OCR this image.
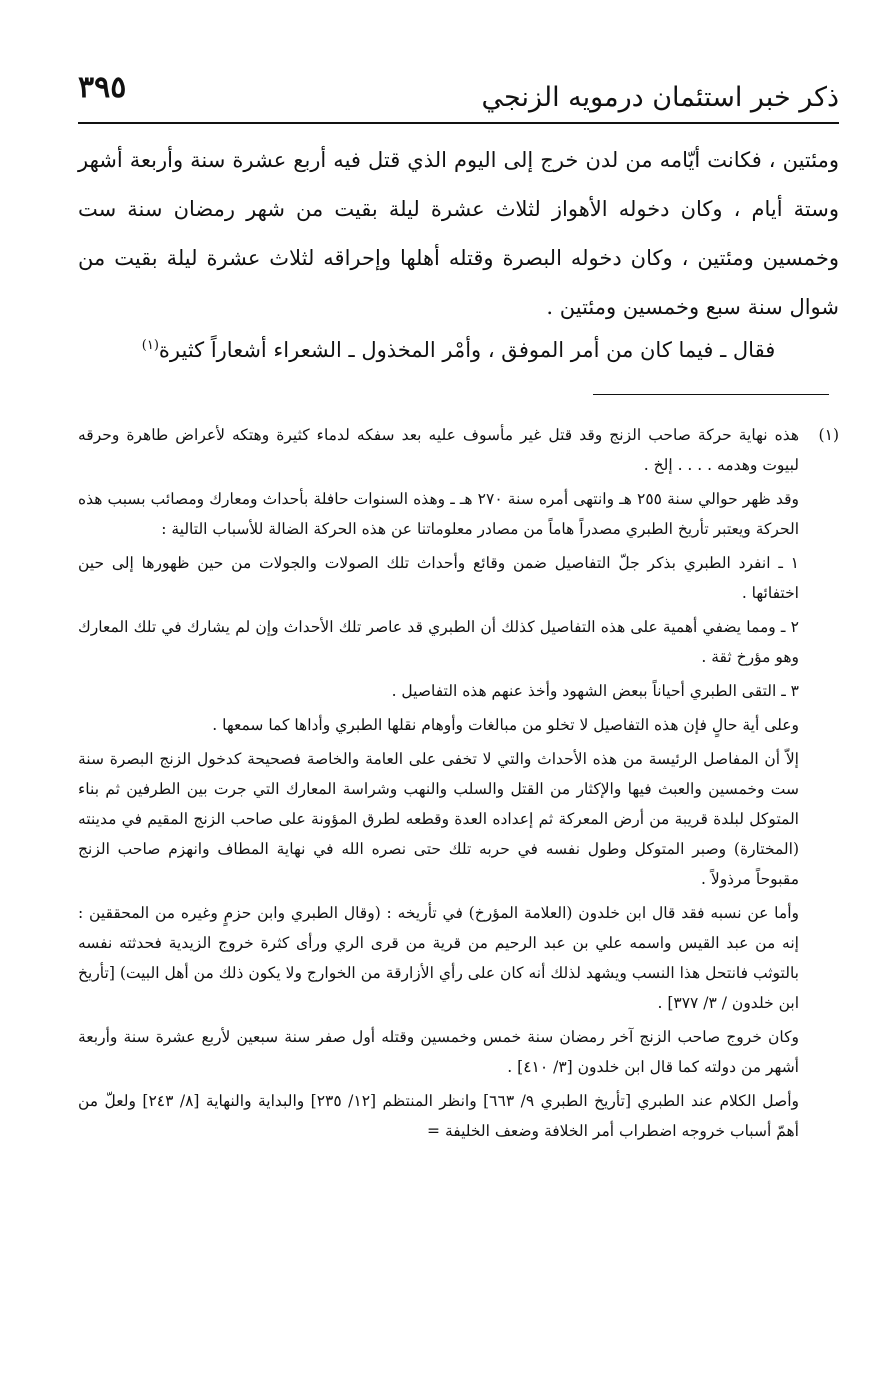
ذكر خبر استئمان درمويه الزنجي
٣٩٥

ومئتين ، فكانت أيّامه من لدن خرج إلى اليوم الذي قتل فيه أربع عشرة سنة وأربعة أشهر وستة أيام ، وكان دخوله الأهواز لثلاث عشرة ليلة بقيت من شهر رمضان سنة ست وخمسين ومئتين ، وكان دخوله البصرة وقتله أهلها وإحراقه لثلاث عشرة ليلة بقيت من شوال سنة سبع وخمسين ومئتين .

فقال ـ فيما كان من أمر الموفق ، وأمْر المخذول ـ الشعراء أشعاراً كثيرة$^{(١)}$
(١)

هذه نهاية حركة صاحب الزنج وقد قتل غير مأسوف عليه بعد سفكه لدماء كثيرة وهتكه لأعراض طاهرة وحرقه لبيوت وهدمه . . . . إلخ .

وقد ظهر حوالي سنة ٢٥٥ هـ وانتهى أمره سنة ٢٧٠ هـ ـ وهذه السنوات حافلة بأحداث ومعارك ومصائب بسبب هذه الحركة ويعتبر تأريخ الطبري مصدراً هاماً من مصادر معلوماتنا عن هذه الحركة الضالة للأسباب التالية :

١ ـ انفرد الطبري بذكر جلّ التفاصيل ضمن وقائع وأحداث تلك الصولات والجولات من حين ظهورها إلى حين اختفائها .

٢ ـ ومما يضفي أهمية على هذه التفاصيل كذلك أن الطبري قد عاصر تلك الأحداث وإن لم يشارك في تلك المعارك وهو مؤرخ ثقة .

٣ ـ التقى الطبري أحياناً ببعض الشهود وأخذ عنهم هذه التفاصيل .

وعلى أية حالٍ فإن هذه التفاصيل لا تخلو من مبالغات وأوهام نقلها الطبري وأداها كما سمعها .

إلاّ أن المفاصل الرئيسة من هذه الأحداث والتي لا تخفى على العامة والخاصة فصحيحة كدخول الزنج البصرة سنة ست وخمسين والعبث فيها والإكثار من القتل والسلب والنهب وشراسة المعارك التي جرت بين الطرفين ثم بناء المتوكل لبلدة قريبة من أرض المعركة ثم إعداده العدة وقطعه لطرق المؤونة على صاحب الزنج المقيم في مدينته (المختارة) وصبر المتوكل وطول نفسه في حربه تلك حتى نصره الله في نهاية المطاف وانهزم صاحب الزنج مقبوحاً مرذولاً .

وأما عن نسبه فقد قال ابن خلدون (العلامة المؤرخ) في تأريخه : (وقال الطبري وابن حزمٍ وغيره من المحققين : إنه من عبد القيس واسمه علي بن عبد الرحيم من قرية من قرى الري ورأى كثرة خروج الزيدية فحدثته نفسه بالتوثب فانتحل هذا النسب ويشهد لذلك أنه كان على رأي الأزارقة من الخوارج ولا يكون ذلك من أهل البيت) [تأريخ ابن خلدون / ٣/ ٣٧٧] .

وكان خروج صاحب الزنج آخر رمضان سنة خمس وخمسين وقتله أول صفر سنة سبعين لأربع عشرة سنة وأربعة أشهر من دولته كما قال ابن خلدون [٣/ ٤١٠] .

وأصل الكلام عند الطبري [تأريخ الطبري ٩/ ٦٦٣] وانظر المنتظم [١٢/ ٢٣٥] والبداية والنهاية [٨/ ٢٤٣] ولعلّ من أهمّ أسباب خروجه اضطراب أمر الخلافة وضعف الخليفة =
